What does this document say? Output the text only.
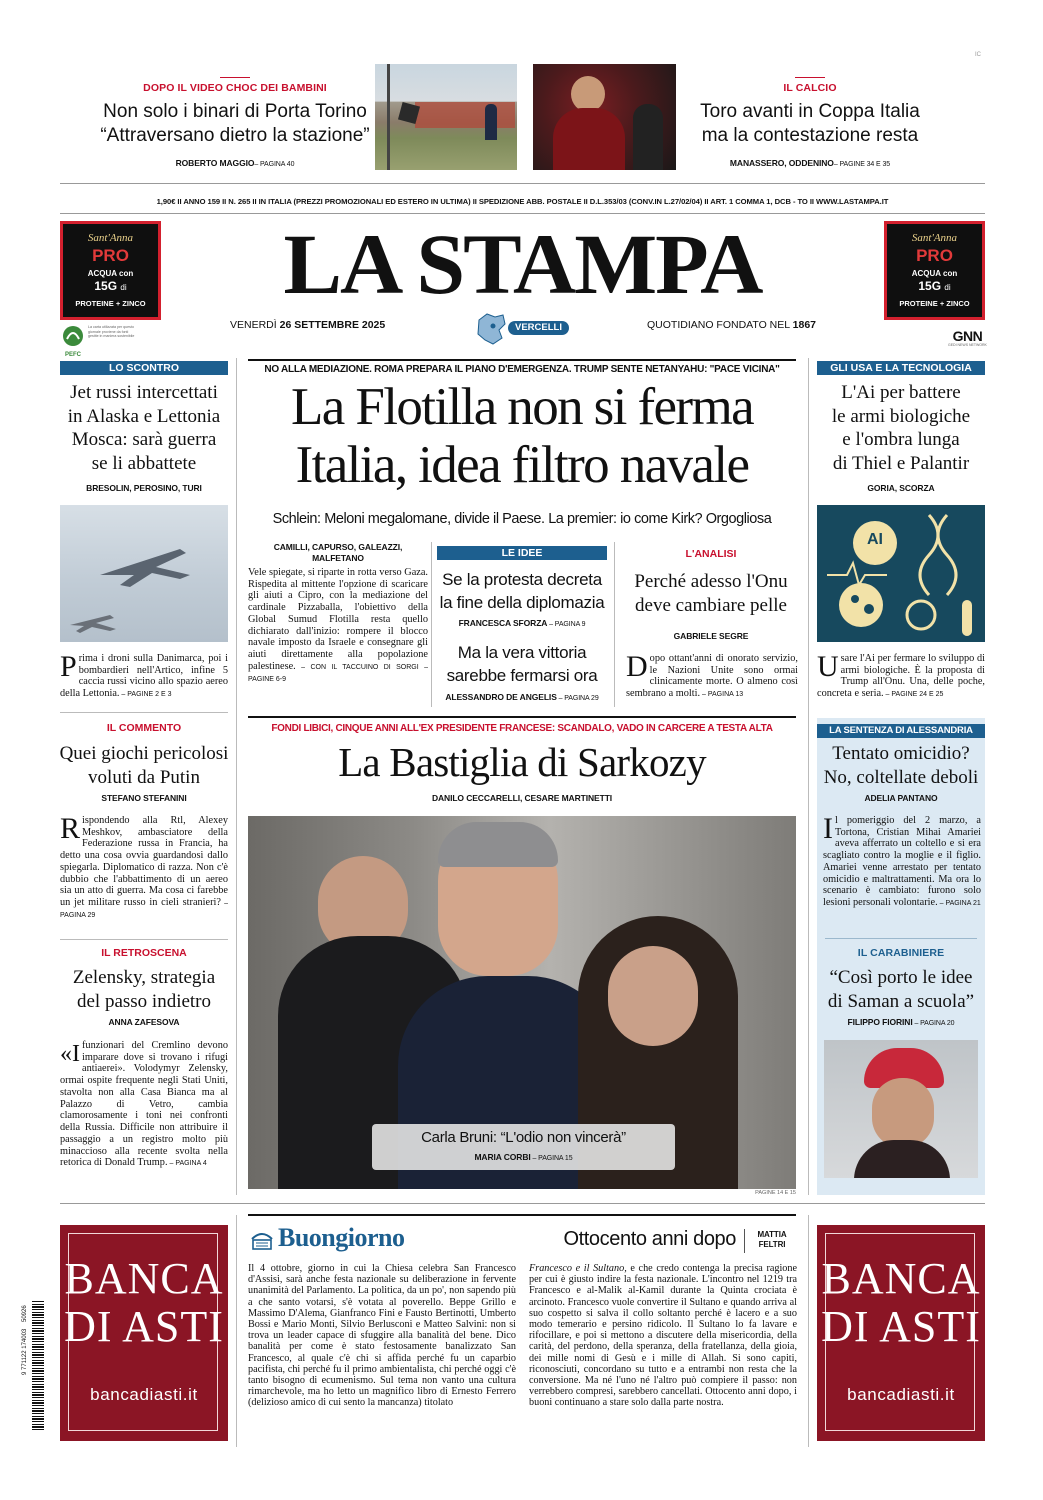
IC
DOPO IL VIDEO CHOC DEI BAMBINI
Non solo i binari di Porta Torino
“Attraversano dietro la stazione”
ROBERTO MAGGIO– PAGINA 40
IL CALCIO
Toro avanti in Coppa Italia
ma la contestazione resta
MANASSERO, ODDENINO– PAGINE 34 E 35
1,90€ II ANNO 159 II N. 265 II IN ITALIA (PREZZI PROMOZIONALI ED ESTERO IN ULTIMA) II SPEDIZIONE ABB. POSTALE II D.L.353/03 (CONV.IN L.27/02/04) II ART. 1 COMMA 1, DCB - TO II WWW.LASTAMPA.IT
Sant'Anna
PRO
ACQUA con
15G di
PROTEINE + ZINCO
Sant'Anna
PRO
ACQUA con
15G di
PROTEINE + ZINCO
LA STAMPA
VENERDÌ 26 SETTEMBRE 2025	VERCELLI	QUOTIDIANO FONDATO NEL 1867
PEFC
La carta utilizzata per questo giornale proviene da fonti gestite in maniera sostenibile	GNN
GEDI NEWS NETWORK
LO SCONTRO
Jet russi intercettati
in Alaska e Lettonia
Mosca: sarà guerra
se li abbattete
BRESOLIN, PEROSINO, TURI
Prima i droni sulla Danimarca, poi i bombardieri nell'Artico, infine 5 caccia russi vicino allo spazio aereo della Lettonia. – PAGINE 2 E 3
IL COMMENTO
Quei giochi pericolosi
voluti da Putin
STEFANO STEFANINI
Rispondendo alla Rtl, Alexey Meshkov, ambasciatore della Federazione russa in Francia, ha detto una cosa ovvia guardandosi dallo spiegarla. Diplomatico di razza. Non c'è dubbio che l'abbattimento di un aereo sia un atto di guerra. Ma cosa ci farebbe un jet militare russo in cieli stranieri? – PAGINA 29
IL RETROSCENA
Zelensky, strategia
del passo indietro
ANNA ZAFESOVA
«Ifunzionari del Cremlino devono imparare dove si trovano i rifugi antiaerei». Volodymyr Zelensky, ormai ospite frequente negli Stati Uniti, stavolta non alla Casa Bianca ma al Palazzo di Vetro, cambia clamorosamente i toni nei confronti della Russia. Difficile non attribuire il passaggio a un registro molto più minaccioso alla recente svolta nella retorica di Donald Trump. – PAGINA 4
NO ALLA MEDIAZIONE. ROMA PREPARA IL PIANO D'EMERGENZA. TRUMP SENTE NETANYAHU: "PACE VICINA"
La Flotilla non si ferma
Italia, idea filtro navale
Schlein: Meloni megalomane, divide il Paese. La premier: io come Kirk? Orgogliosa
CAMILLI, CAPURSO, GALEAZZI,
MALFETANO
Vele spiegate, si riparte in rotta verso Gaza. Rispedita al mittente l'opzione di scaricare gli aiuti a Cipro, con la mediazione del cardinale Pizzaballa, l'obiettivo della Global Sumud Flotilla resta quello dichiarato dall'inizio: rompere il blocco navale imposto da Israele e consegnare gli aiuti direttamente alla popolazione palestinese. – CON IL TACCUINO DI SORGI – PAGINE 6-9
LE IDEE
Se la protesta decreta
la fine della diplomazia
FRANCESCA SFORZA – PAGINA 9
Ma la vera vittoria
sarebbe fermarsi ora
ALESSANDRO DE ANGELIS – PAGINA 29
L'ANALISI
Perché adesso l'Onu
deve cambiare pelle
GABRIELE SEGRE
Dopo ottant'anni di onorato servizio, le Nazioni Unite sono ormai clinicamente morte. O almeno così sembrano a molti. – PAGINA 13
FONDI LIBICI, CINQUE ANNI ALL'EX PRESIDENTE FRANCESE: SCANDALO, VADO IN CARCERE A TESTA ALTA
La Bastiglia di Sarkozy
DANILO CECCARELLI, CESARE MARTINETTI
Carla Bruni: “L'odio non vincerà”
MARIA CORBI – PAGINA 15
PAGINE 14 E 15
GLI USA E LA TECNOLOGIA
L'Ai per battere
le armi biologiche
e l'ombra lunga
di Thiel e Palantir
GORIA, SCORZA
AI
Usare l'Ai per fermare lo sviluppo di armi biologiche. È la proposta di Trump all'Onu. Una, delle poche, concreta e seria. – PAGINE 24 E 25
LA SENTENZA DI ALESSANDRIA
Tentato omicidio?
No, coltellate deboli
ADELIA PANTANO
Il pomeriggio del 2 marzo, a Tortona, Cristian Mihai Amariei aveva afferrato un coltello e si era scagliato contro la moglie e il figlio. Amariei venne arrestato per tentato omicidio e maltrattamenti. Ma ora lo scenario è cambiato: furono solo lesioni personali volontarie. – PAGINA 21
IL CARABINIERE
“Così porto le idee
di Saman a scuola”
FILIPPO FIORINI – PAGINA 20
BANCA
DI ASTI
bancadiasti.it
BANCA
DI ASTI
bancadiasti.it
9 771122 174003
50926
Buongiorno	Ottocento anni dopo	MATTIA
FELTRI
Il 4 ottobre, giorno in cui la Chiesa celebra San Francesco d'Assisi, sarà anche festa nazionale su deliberazione in fervente unanimità del Parlamento. La politica, da un po', non sapendo più a che santo votarsi, s'è votata al poverello. Beppe Grillo e Massimo D'Alema, Gianfranco Fini e Fausto Bertinotti, Umberto Bossi e Mario Monti, Silvio Berlusconi e Matteo Salvini: non si trova un leader capace di sfuggire alla banalità del bene. Dico banalità per come è stato festosamente banalizzato San Francesco, al quale c'è chi si affida perché fu un caparbio pacifista, chi perché fu il primo ambientalista, chi perché oggi c'è tanto bisogno di ecumenismo. Sul tema non vanto una cultura rimarchevole, ma ho letto un magnifico libro di Ernesto Ferrero (delizioso amico di cui sento la mancanza) titolato
Francesco e il Sultano, e che credo contenga la precisa ragione per cui è giusto indire la festa nazionale. L'incontro nel 1219 tra Francesco e al-Malik al-Kamil durante la Quinta crociata è arcinoto. Francesco vuole convertire il Sultano e quando arriva al suo cospetto si salva il collo soltanto perché è lacero e a suo modo temerario e persino ridicolo. Il Sultano lo fa lavare e rifocillare, e poi si mettono a discutere della misericordia, della carità, del perdono, della speranza, della fratellanza, della gioia, dei mille nomi di Gesù e i mille di Allah. Si sono capiti, riconosciuti, concordano su tutto e a entrambi non resta che la conversione. Ma né l'uno né l'altro può compiere il passo: non verrebbero compresi, sarebbero cancellati. Ottocento anni dopo, i buoni continuano a stare solo dalla parte nostra.
